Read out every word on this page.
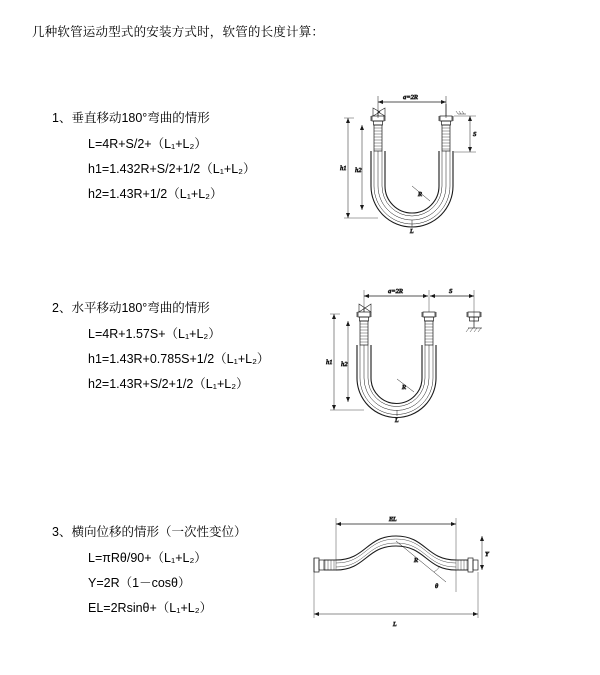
几种软管运动型式的安装方式时，软管的长度计算：
1、垂直移动180°弯曲的情形
L=4R+S/2+（L₁+L₂）
h1=1.432R+S/2+1/2（L₁+L₂）
h2=1.43R+1/2（L₁+L₂）
a=2R
R
L
h1 h2
S
2、水平移动180°弯曲的情形
L=4R+1.57S+（L₁+L₂）
h1=1.43R+0.785S+1/2（L₁+L₂）
h2=1.43R+S/2+1/2（L₁+L₂）
a=2R	S
R
L
h1 h2
3、横向位移的情形（一次性变位）
L=πRθ/90+（L₁+L₂）
Y=2R（1－cosθ）
EL=2Rsinθ+（L₁+L₂）
EL
θ
R
Y
L
